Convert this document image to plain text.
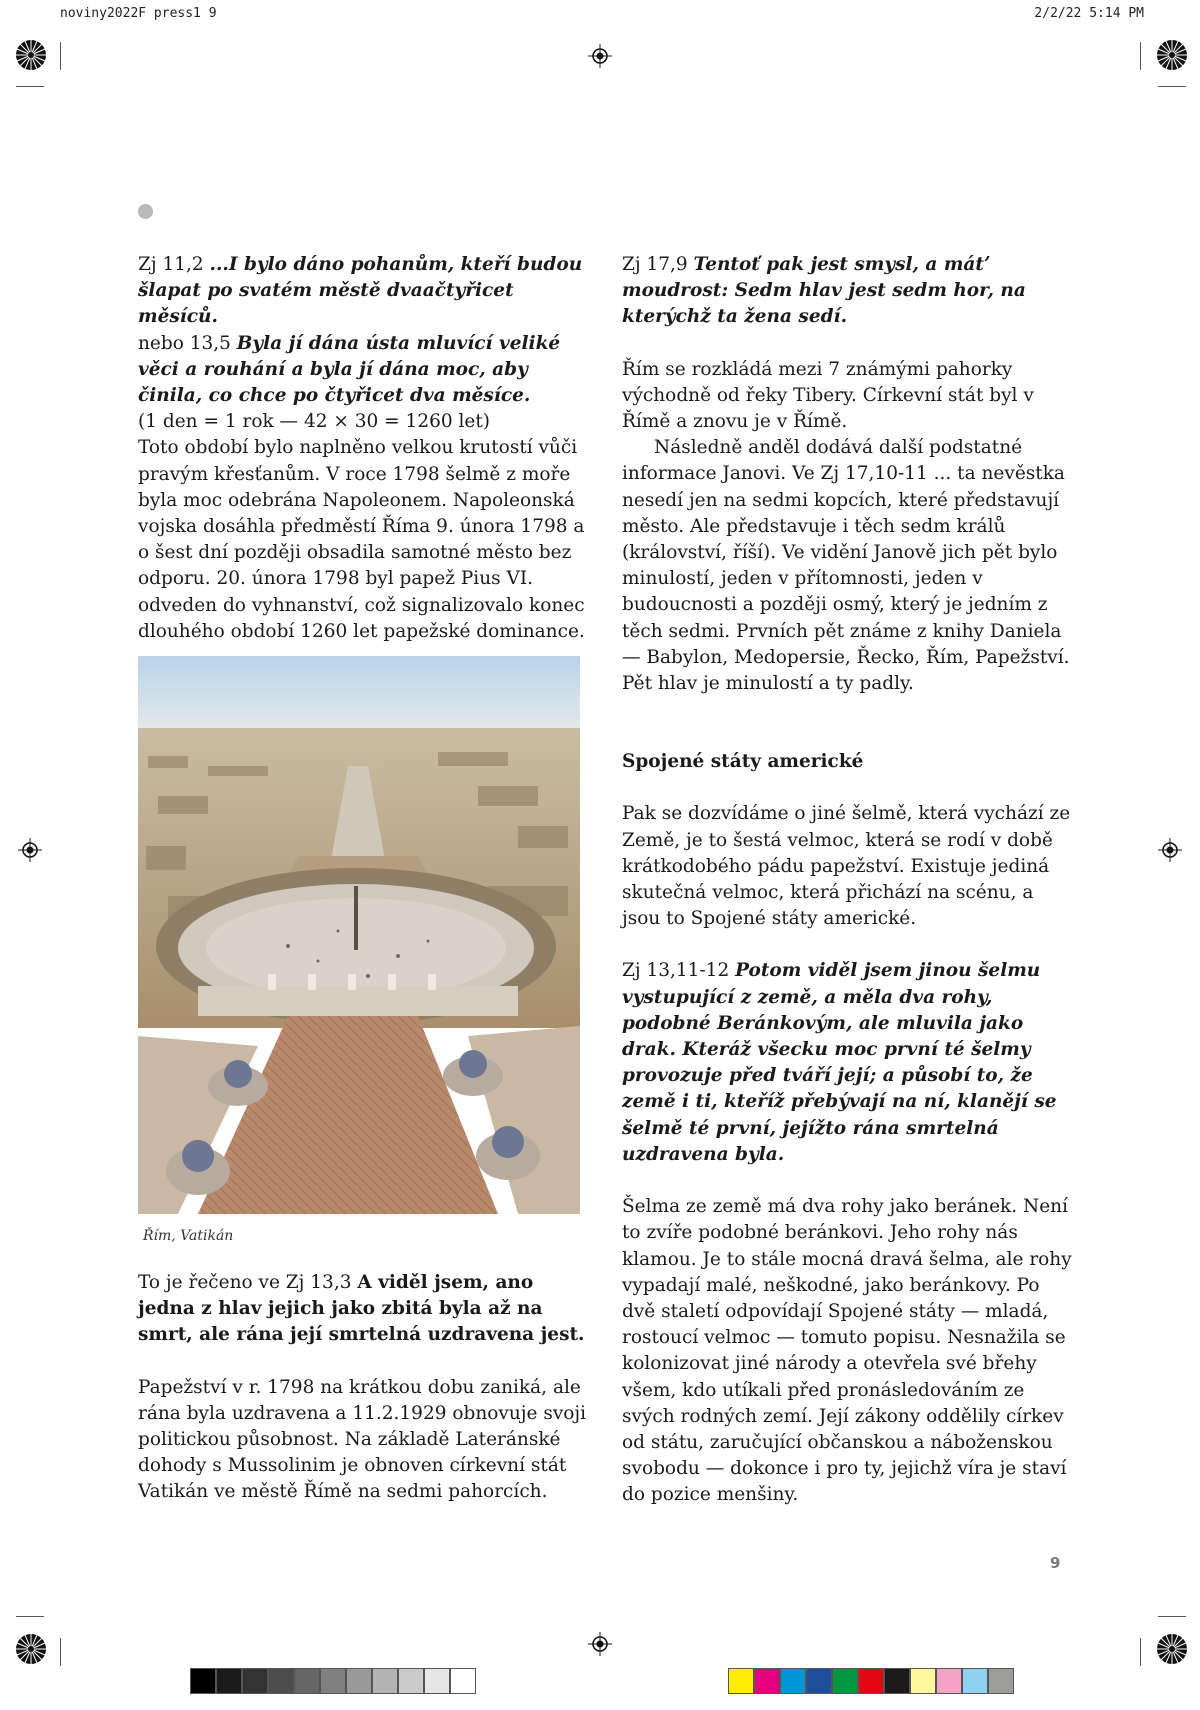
noviny2022F press1 9	2/2/22 5:14 PM

Zj 11,2 ...I bylo dáno pohanům, kteří budou šlapat po svatém městě dvaačtyřicet měsíců.

nebo 13,5 Byla jí dána ústa mluvící veliké věci a rouhání a byla jí dána moc, aby činila, co chce po čtyřicet dva měsíce.

(1 den = 1 rok — 42 × 30 = 1260 let)

Toto období bylo naplněno velkou krutostí vůči pravým křesťanům. V roce 1798 šelmě z moře byla moc odebrána Napoleonem. Napoleonská vojska dosáhla předměstí Říma 9. února 1798 a o šest dní později obsadila samotné město bez odporu. 20. února 1798 byl papež Pius VI. odveden do vyhnanství, což signalizovalo konec dlouhého období 1260 let papežské dominance.

Řím, Vatikán

To je řečeno ve Zj 13,3 A viděl jsem, ano jedna z hlav jejich jako zbitá byla až na smrt, ale rána její smrtelná uzdravena jest.

Papežství v r. 1798 na krátkou dobu zaniká, ale rána byla uzdravena a 11.2.1929 obnovuje svoji politickou působnost. Na základě Lateránské dohody s Mussolinim je obnoven církevní stát Vatikán ve městě Římě na sedmi pahorcích.

Zj 17,9 Tentoť pak jest smysl, a mátʼ moudrost: Sedm hlav jest sedm hor, na kterýchž ta žena sedí.

Řím se rozkládá mezi 7 známými pahorky východně od řeky Tibery. Církevní stát byl v Římě a znovu je v Římě.

Následně anděl dodává další podstatné informace Janovi. Ve Zj 17,10-11 ... ta nevěstka nesedí jen na sedmi kopcích, které představují město. Ale představuje i těch sedm králů (království, říší). Ve vidění Janově jich pět bylo minulostí, jeden v přítomnosti, jeden v budoucnosti a později osmý, který je jedním z těch sedmi. Prvních pět známe z knihy Daniela — Babylon, Medopersie, Řecko, Řím, Papežství. Pět hlav je minulostí a ty padly.

Spojené státy americké

Pak se dozvídáme o jiné šelmě, která vychází ze Země, je to šestá velmoc, která se rodí v době krátkodobého pádu papežství. Existuje jediná skutečná velmoc, která přichází na scénu, a jsou to Spojené státy americké.

Zj 13,11-12 Potom viděl jsem jinou šelmu vystupující z země, a měla dva rohy, podobné Beránkovým, ale mluvila jako drak. Kteráž všecku moc první té šelmy provozuje před tváří její; a působí to, že země i ti, kteříž přebývají na ní, klanějí se šelmě té první, jejížto rána smrtelná uzdravena byla.

Šelma ze země má dva rohy jako beránek. Není to zvíře podobné beránkovi. Jeho rohy nás klamou. Je to stále mocná dravá šelma, ale rohy vypadají malé, neškodné, jako beránkovy. Po dvě staletí odpovídají Spojené státy — mladá, rostoucí velmoc — tomuto popisu. Nesnažila se kolonizovat jiné národy a otevřela své břehy všem, kdo utíkali před pronásledováním ze svých rodných zemí. Její zákony oddělily církev od státu, zaručující občanskou a náboženskou svobodu — dokonce i pro ty, jejichž víra je staví do pozice menšiny.

9
